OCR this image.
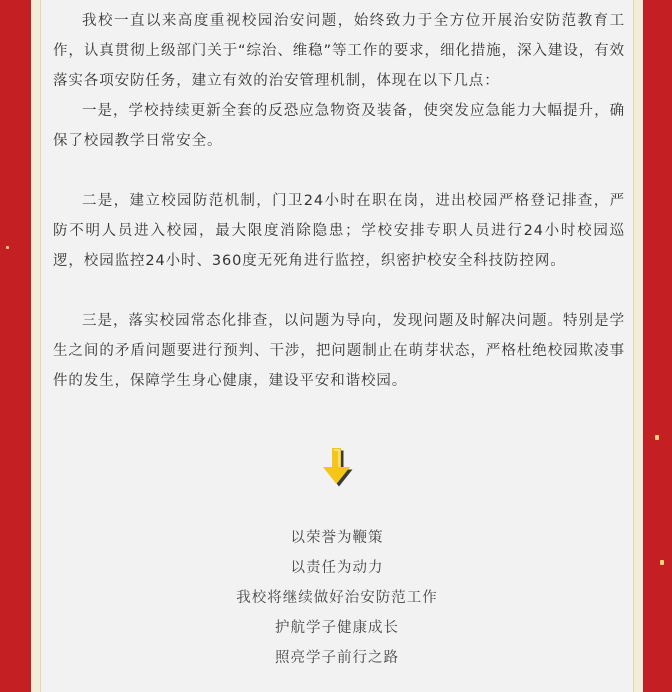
我校一直以来高度重视校园治安问题，始终致力于全方位开展治安防范教育工作，认真贯彻上级部门关于“综治、维稳”等工作的要求，细化措施，深入建设，有效落实各项安防任务，建立有效的治安管理机制，体现在以下几点：

一是，学校持续更新全套的反恐应急物资及装备，使突发应急能力大幅提升，确保了校园教学日常安全。

二是，建立校园防范机制，门卫24小时在职在岗，进出校园严格登记排查，严防不明人员进入校园，最大限度消除隐患；学校安排专职人员进行24小时校园巡逻，校园监控24小时、360度无死角进行监控，织密护校安全科技防控网。

三是，落实校园常态化排查，以问题为导向，发现问题及时解决问题。特别是学生之间的矛盾问题要进行预判、干涉，把问题制止在萌芽状态，严格杜绝校园欺凌事件的发生，保障学生身心健康，建设平安和谐校园。

以荣誉为鞭策
以责任为动力
我校将继续做好治安防范工作
护航学子健康成长
照亮学子前行之路
